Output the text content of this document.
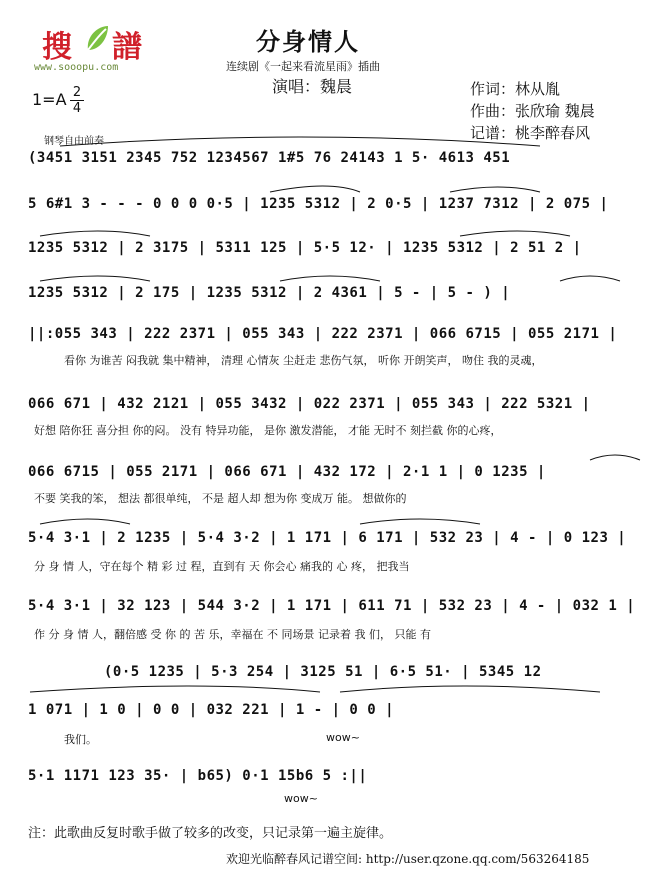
搜 譜
www.sooopu.com
分身情人
连续剧《一起来看流星雨》插曲
演唱：魏晨
1=A 2
4
作词：林从胤
作曲：张欣瑜 魏晨
记谱：桃李醉春风
钢琴自由前奏
(3451 3151 2345 752 1234567 1#5 76 24143 1 5· 4613 451
5 6#1 3 - - - 0 0 0 0·5 | 1235 5312 | 2 0·5 | 1237 7312 | 2 075 |
1235 5312 | 2 3175 | 5311 125 | 5·5 12· | 1235 5312 | 2 51 2 |
1235 5312 | 2 175 | 1235 5312 | 2 4361 | 5 - | 5 - ) |
||:055 343 | 222 2371 | 055 343 | 222 2371 | 066 6715 | 055 2171 |
看你 为谁苦 闷我就 集中精神， 清理 心情灰 尘赶走 悲伤气氛， 听你 开朗笑声， 吻住 我的灵魂，
066 671 | 432 2121 | 055 3432 | 022 2371 | 055 343 | 222 5321 |
好想 陪你狂 喜分担 你的闷。 没有 特异功能， 是你 激发潜能， 才能 无时不 刻拦截 你的心疼，
066 6715 | 055 2171 | 066 671 | 432 172 | 2·1 1 | 0 1235 |
不要 笑我的笨， 想法 都很单纯， 不是 超人却 想为你 变成万 能。 想做你的
5·4 3·1 | 2 1235 | 5·4 3·2 | 1 171 | 6 171 | 532 23 | 4 - | 0 123 |
分 身 情 人，守在每个 精 彩 过 程，直到有 天 你会心 痛我的 心 疼， 把我当
5·4 3·1 | 32 123 | 544 3·2 | 1 171 | 611 71 | 532 23 | 4 - | 032 1 |
作 分 身 情 人，翻倍感 受 你 的 苦 乐，幸福在 不 同场景 记录着 我 们， 只能 有
(0·5 1235 | 5·3 254 | 3125 51 | 6·5 51· | 5345 12
1 071 | 1 0 | 0 0 | 032 221 | 1 - | 0 0 |
我们。	wow~
5·1 1171 123 35· | b65) 0·1 15b6 5 :||
wow~
注：此歌曲反复时歌手做了较多的改变，只记录第一遍主旋律。
欢迎光临醉春风记谱空间: http://user.qzone.qq.com/563264185
